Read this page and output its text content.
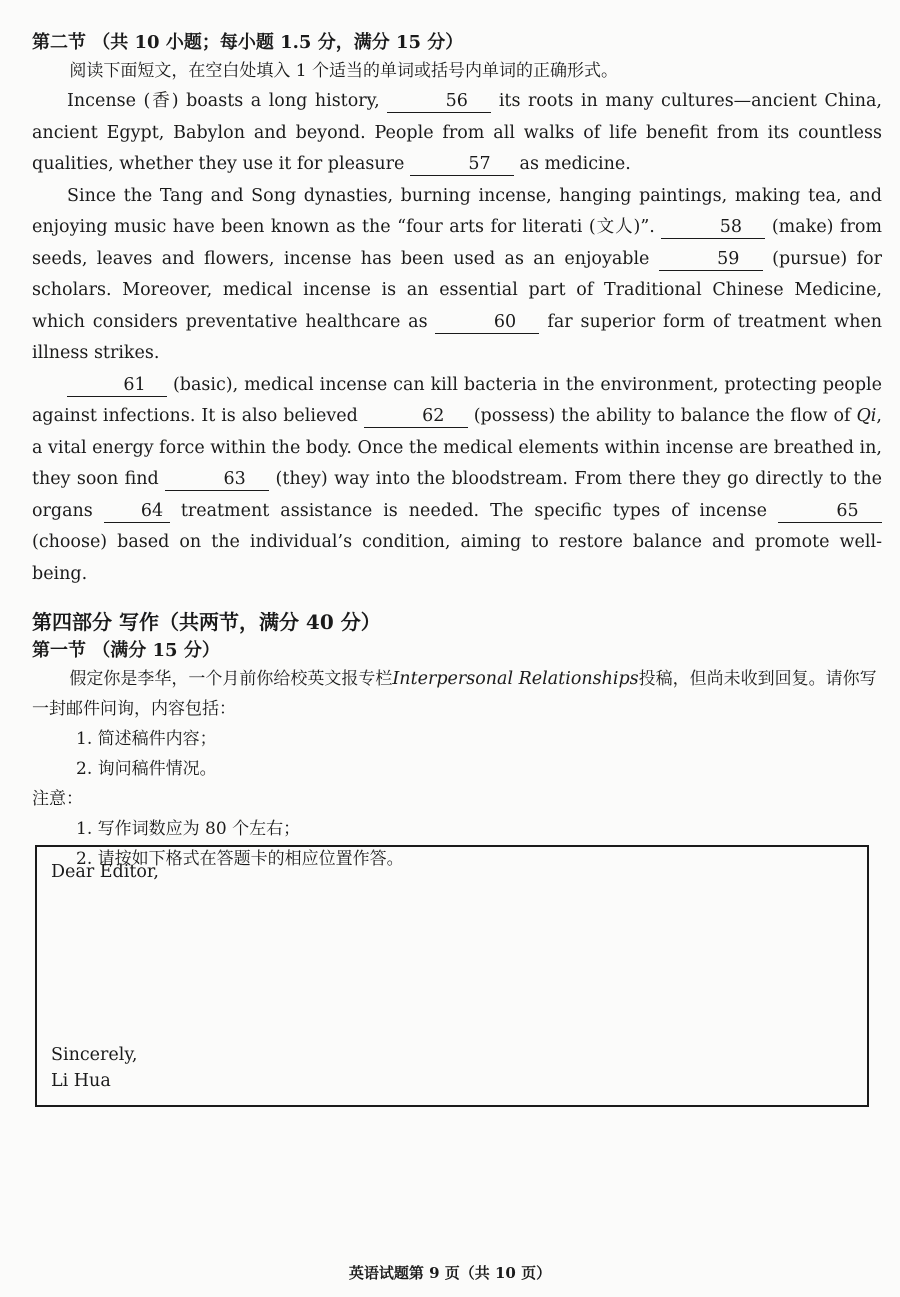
第二节 （共 10 小题；每小题 1.5 分，满分 15 分）

阅读下面短文，在空白处填入 1 个适当的单词或括号内单词的正确形式。

Incense (香) boasts a long history,	56 its roots in many cultures—ancient China, ancient Egypt, Babylon and beyond. People from all walks of life benefit from its countless qualities, whether they use it for pleasure	57 as medicine.

Since the Tang and Song dynasties, burning incense, hanging paintings, making tea, and enjoying music have been known as the “four arts for literati (文人)”.	58 (make) from seeds, leaves and flowers, incense has been used as an enjoyable	59 (pursue) for scholars. Moreover, medical incense is an essential part of Traditional Chinese Medicine, which considers preventative healthcare as	60 far superior form of treatment when illness strikes.

61 (basic), medical incense can kill bacteria in the environment, protecting people against infections. It is also believed	62 (possess) the ability to balance the flow of Qi, a vital energy force within the body. Once the medical elements within incense are breathed in, they soon find	63 (they) way into the bloodstream. From there they go directly to the organs	64 treatment assistance is needed. The specific types of incense	65 (choose) based on the individual’s condition, aiming to restore balance and promote well-being.

第四部分 写作（共两节，满分 40 分）

第一节 （满分 15 分）

假定你是李华，一个月前你给校英文报专栏Interpersonal Relationships投稿，但尚未收到回复。请你写一封邮件问询，内容包括：

1. 简述稿件内容；

2. 询问稿件情况。

注意：

1. 写作词数应为 80 个左右；

2. 请按如下格式在答题卡的相应位置作答。

Dear Editor,
Sincerely,
Li Hua
英语试题第 9 页（共 10 页）
